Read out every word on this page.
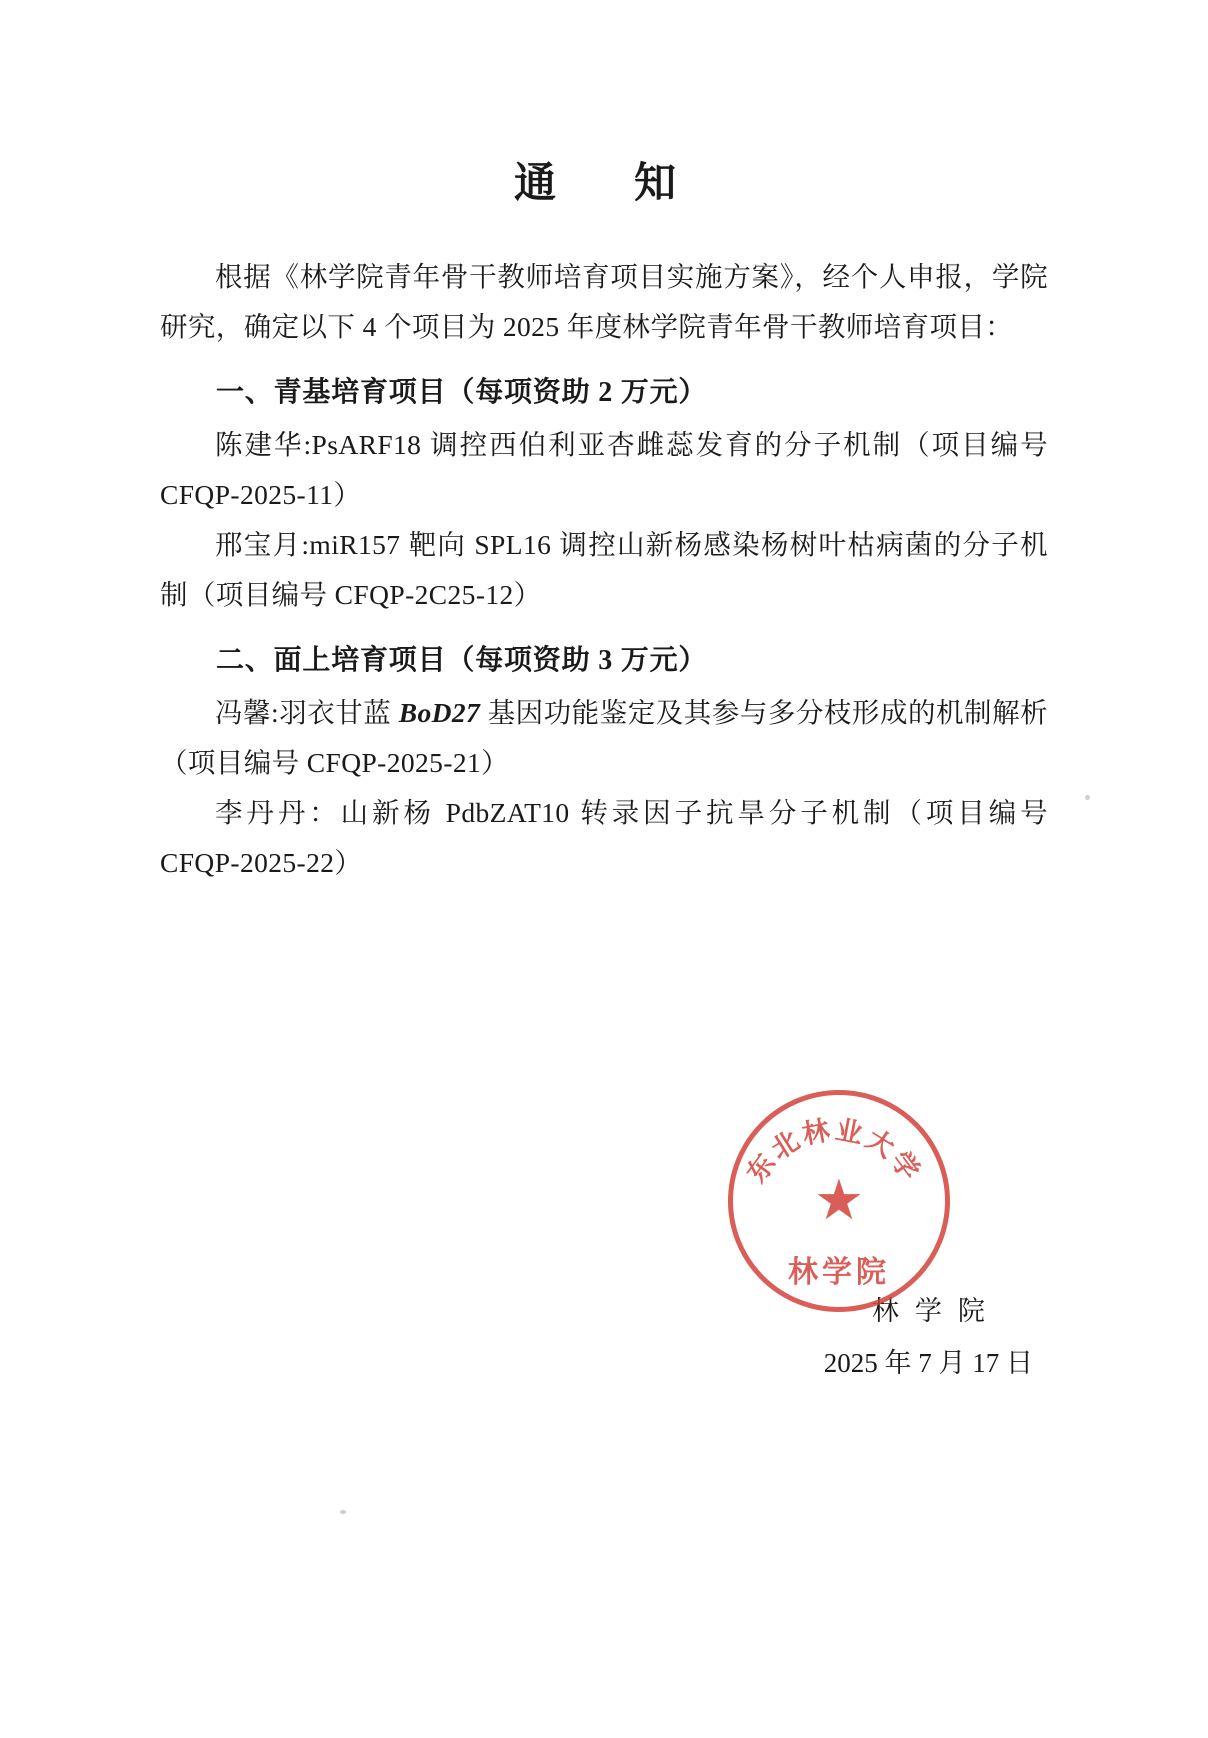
通　知

根据《林学院青年骨干教师培育项目实施方案》，经个人申报，学院研究，确定以下 4 个项目为 2025 年度林学院青年骨干教师培育项目：

一、青基培育项目（每项资助 2 万元）

陈建华:PsARF18 调控西伯利亚杏雌蕊发育的分子机制（项目编号 CFQP-2025-11）

邢宝月:miR157 靶向 SPL16 调控山新杨感染杨树叶枯病菌的分子机制（项目编号 CFQP-2C25-12）

二、面上培育项目（每项资助 3 万元）

冯馨:羽衣甘蓝 BoD27 基因功能鉴定及其参与多分枝形成的机制解析（项目编号 CFQP-2025-21）

李丹丹：山新杨 PdbZAT10 转录因子抗旱分子机制（项目编号 CFQP-2025-22）

林学院
2025 年 7 月 17 日
东北林业大学
★
林学院
